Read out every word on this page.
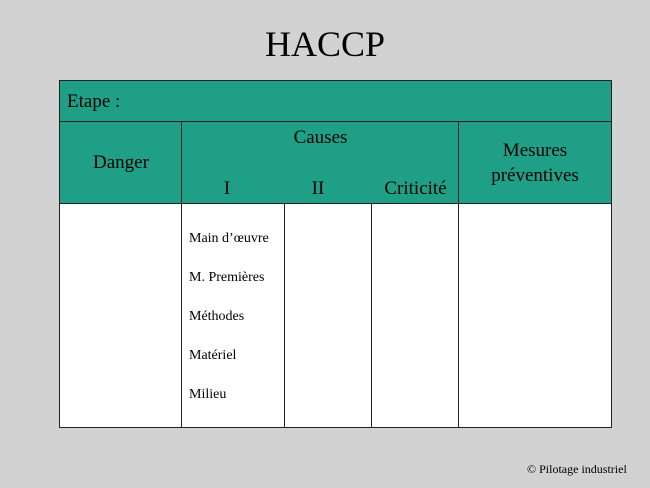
HACCP
Etape :
Danger
Causes
I	II	Criticité
Mesures
préventives
Main d’œuvre
M. Premières
Méthodes
Matériel
Milieu
© Pilotage industriel
